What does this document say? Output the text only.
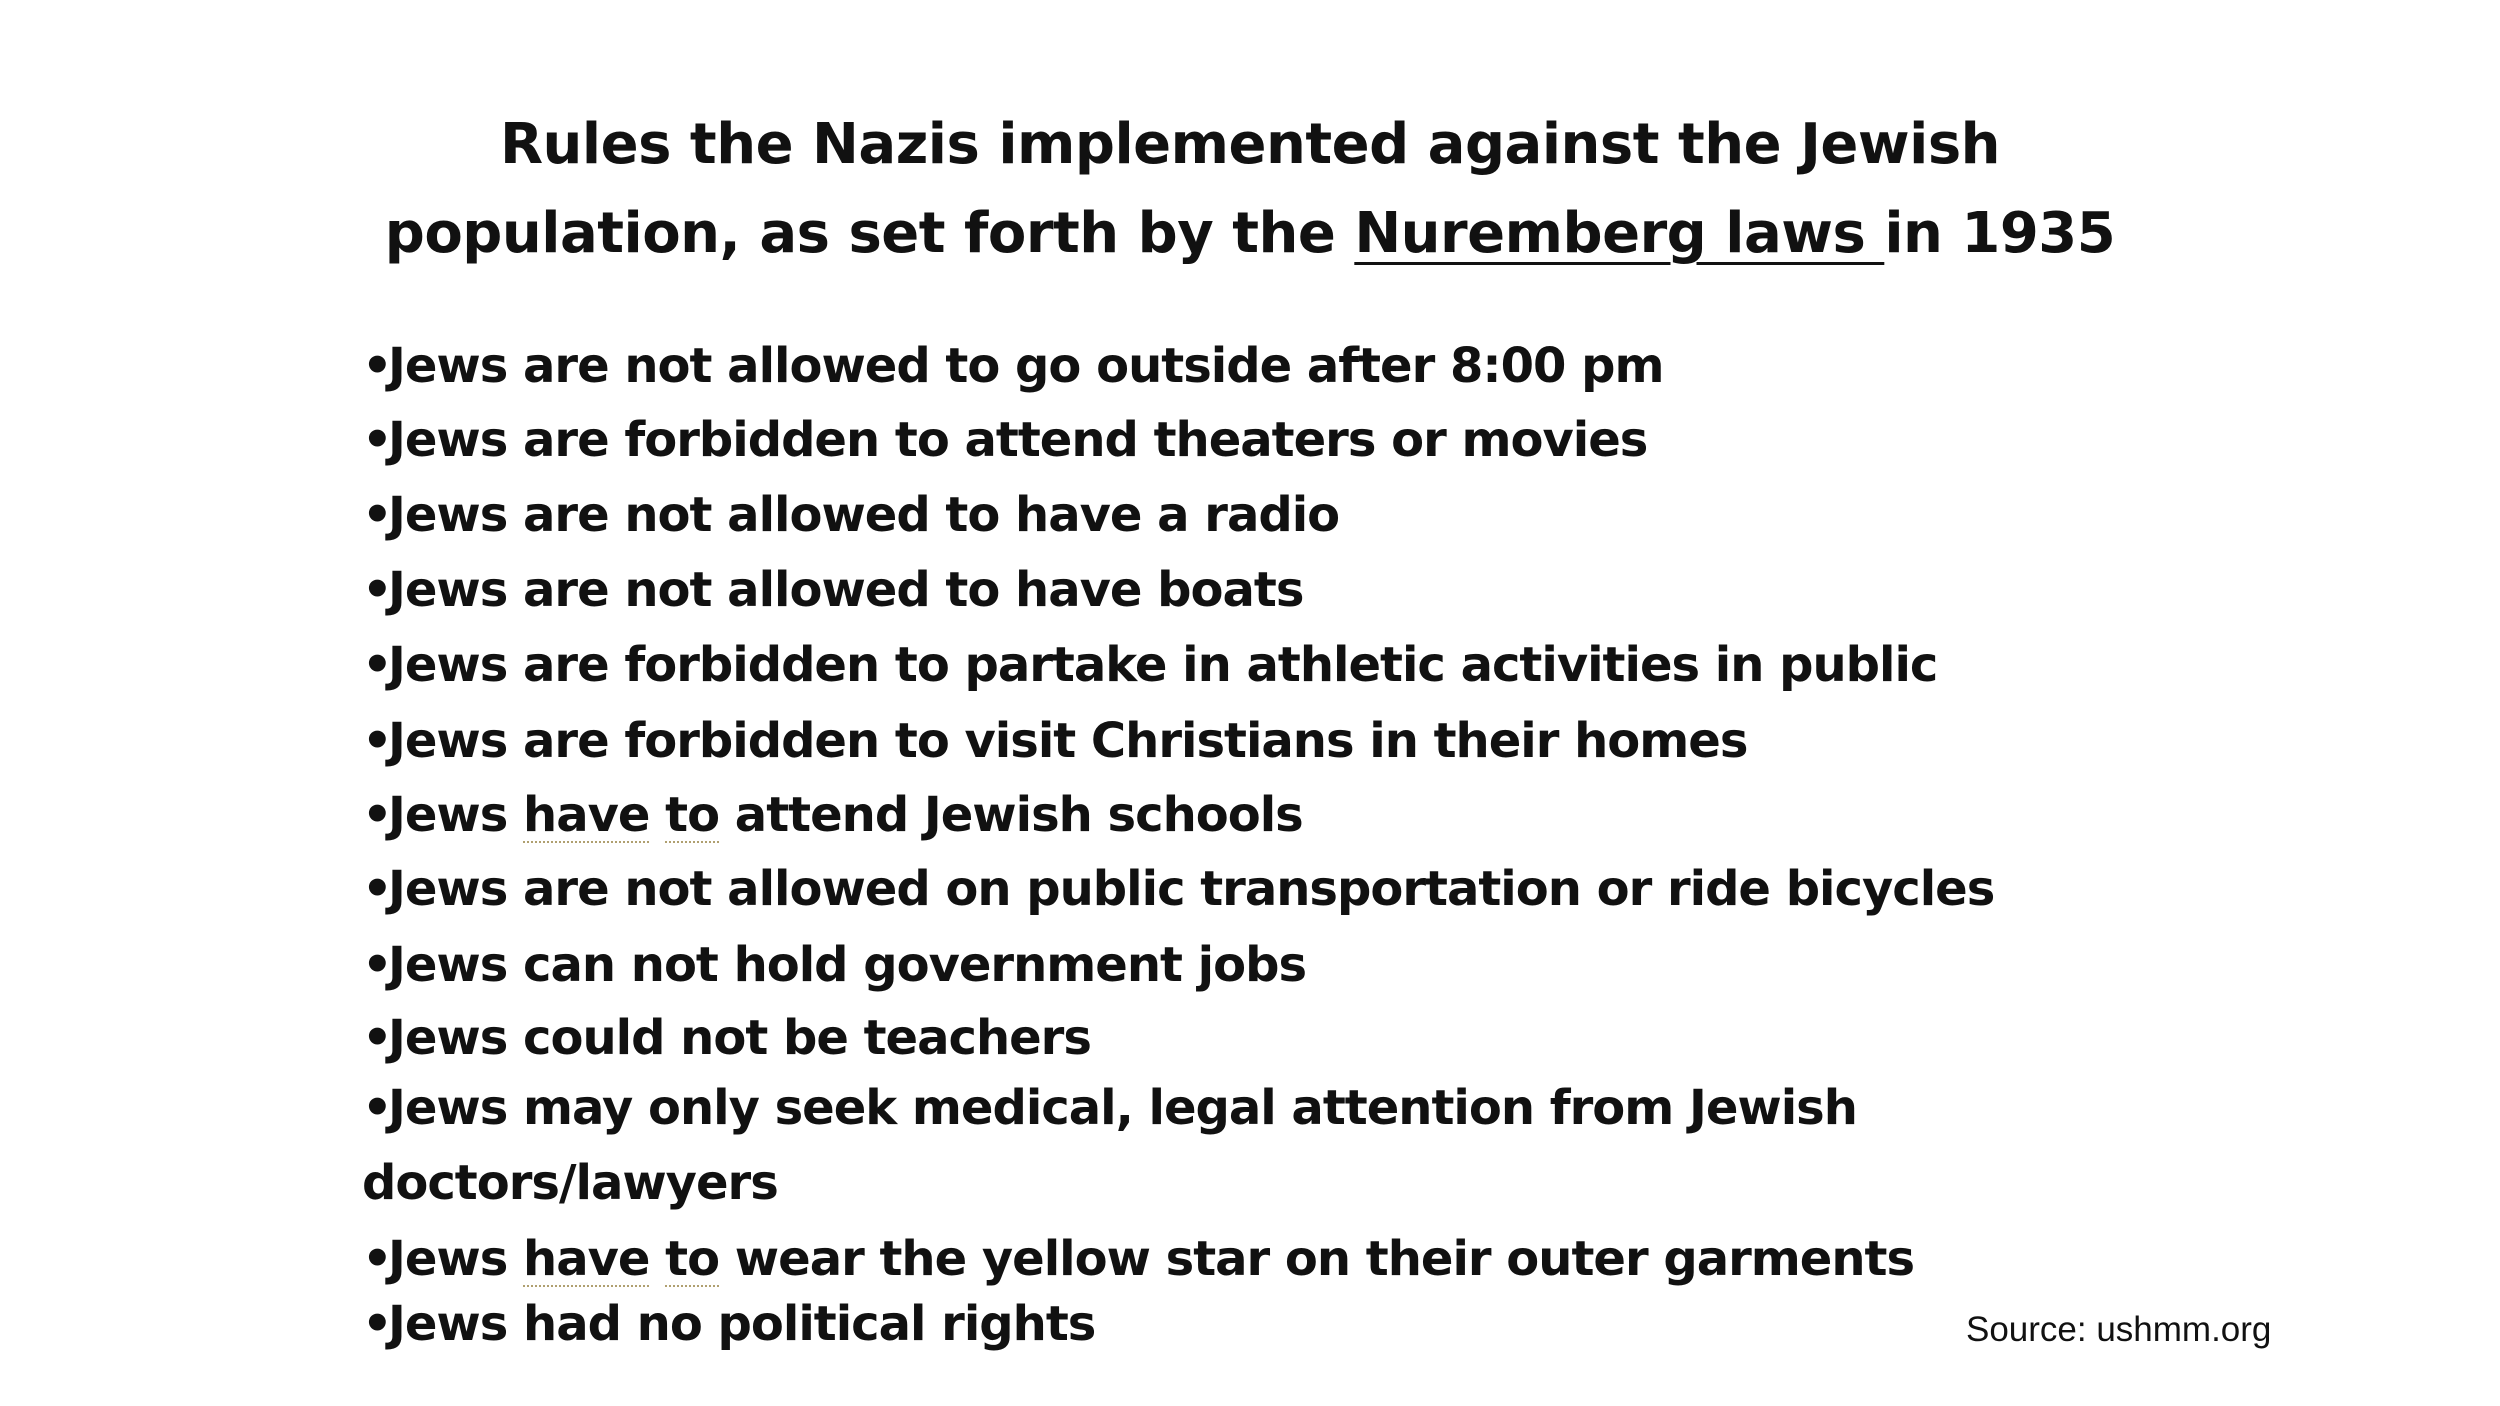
Rules the Nazis implemented against the Jewish
population, as set forth by the Nuremberg laws in 1935
•Jews are not allowed to go outside after 8:00 pm
•Jews are forbidden to attend theaters or movies
•Jews are not allowed to have a radio
•Jews are not allowed to have boats
•Jews are forbidden to partake in athletic activities in public
•Jews are forbidden to visit Christians in their homes
•Jews have to attend Jewish schools
•Jews are not allowed on public transportation or ride bicycles
•Jews can not hold government jobs
•Jews could not be teachers
•Jews may only seek medical, legal attention from Jewish doctors/lawyers
•Jews have to wear the yellow star on their outer garments
•Jews had no political rights	Source: ushmm.org
